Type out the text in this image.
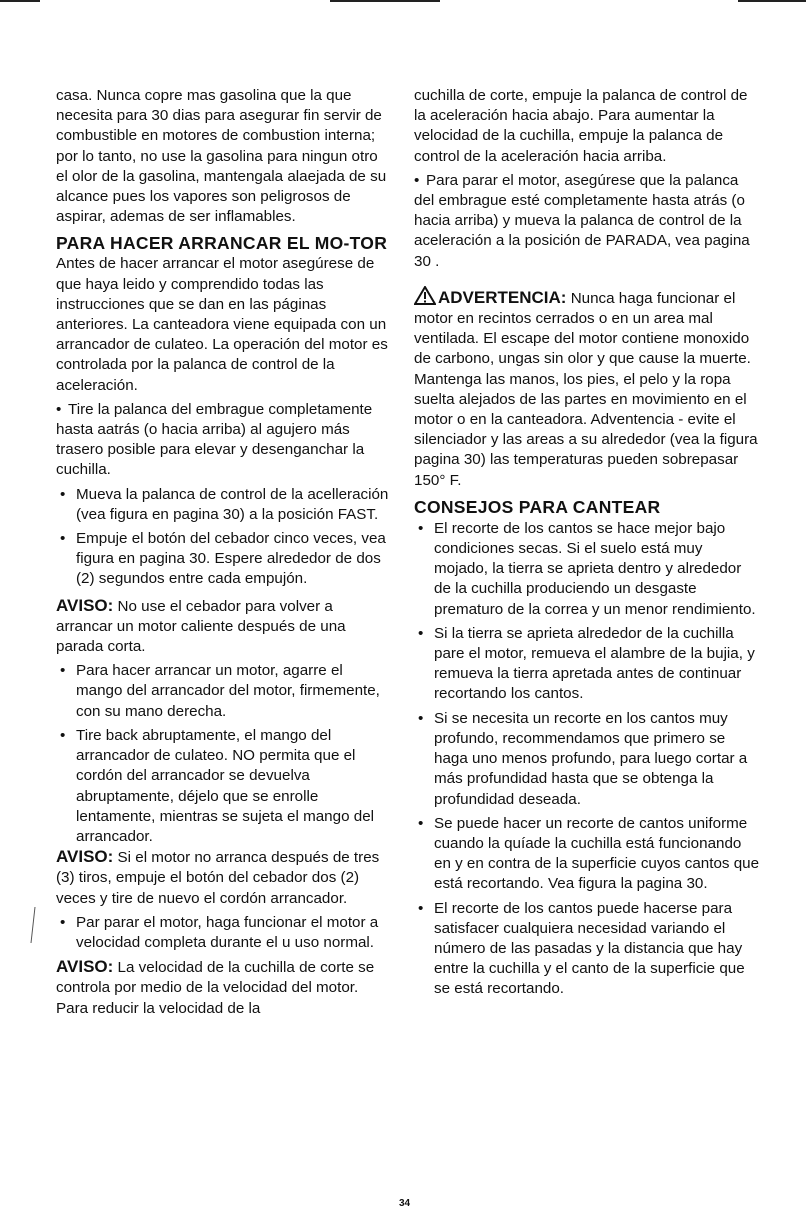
casa. Nunca copre mas gasolina que la que necesita para 30 dias para asegurar fin servir de combustible en motores de combustion interna; por lo tanto, no use la gasolina para ningun otro el olor de la gasolina, mantengala alaejada de su alcance pues los vapores son peligrosos de aspirar, ademas de ser inflamables.

PARA HACER ARRANCAR EL MO-TOR

Antes de hacer arrancar el motor asegúrese de que haya leido y comprendido todas las instrucciones que se dan en las páginas anteriores. La canteadora viene equipada con un arrancador de culateo. La operación del motor es controlada por la palanca de control de la aceleración.

• Tire la palanca del embrague completamente hasta aatrás (o hacia arriba) al agujero más trasero posible para elevar y desenganchar la cuchilla.

• Mueva la palanca de control de la acelleración (vea figura en pagina 30) a la posición FAST.

• Empuje el botón del cebador cinco veces, vea figura en pagina 30. Espere alrededor de dos (2) segundos entre cada empujón.

AVISO: No use el cebador para volver a arrancar un motor caliente después de una parada corta.

• Para hacer arrancar un motor, agarre el mango del arrancador del motor, firmemente, con su mano derecha.

• Tire back abruptamente, el mango del arrancador de culateo. NO permita que el cordón del arrancador se devuelva abruptamente, déjelo que se enrolle lentamente, mientras se sujeta el mango del arrancador.

AVISO: Si el motor no arranca después de tres (3) tiros, empuje el botón del cebador dos (2) veces y tire de nuevo el cordón arrancador.

• Par parar el motor, haga funcionar el motor a velocidad completa durante el u uso normal.

AVISO: La velocidad de la cuchilla de corte se controla por medio de la velocidad del motor. Para reducir la velocidad de la

cuchilla de corte, empuje la palanca de control de la aceleración hacia abajo. Para aumentar la velocidad de la cuchilla, empuje la palanca de control de la aceleración hacia arriba.

• Para parar el motor, asegúrese que la palanca del embrague esté completamente hasta atrás (o hacia arriba) y mueva la palanca de control de la aceleración a la posición de PARADA, vea pagina 30 .

ADVERTENCIA: Nunca haga funcionar el motor en recintos cerrados o en un area mal ventilada. El escape del motor contiene monoxido de carbono, ungas sin olor y que cause la muerte. Mantenga las manos, los pies, el pelo y la ropa suelta alejados de las partes en movimiento en el motor o en la canteadora. Adventencia - evite el silenciador y las areas a su alrededor (vea la figura pagina 30) las temperaturas pueden sobrepasar 150° F.

CONSEJOS PARA CANTEAR

• El recorte de los cantos se hace mejor bajo condiciones secas. Si el suelo está muy mojado, la tierra se aprieta dentro y alrededor de la cuchilla produciendo un desgaste prematuro de la correa y un menor rendimiento.

• Si la tierra se aprieta alrededor de la cuchilla pare el motor, remueva el alambre de la bujia, y remueva la tierra apretada antes de continuar recortando los cantos.

• Si se necesita un recorte en los cantos muy profundo, recommendamos que primero se haga uno menos profundo, para luego cortar a más profundidad hasta que se obtenga la profundidad deseada.

• Se puede hacer un recorte de cantos uniforme cuando la quíade la cuchilla está funcionando en y en contra de la superficie cuyos cantos que está recortando. Vea figura la pagina 30.

• El recorte de los cantos puede hacerse para satisfacer cualquiera necesidad variando el número de las pasadas y la distancia que hay entre la cuchilla y el canto de la superficie que se está recortando.

34
